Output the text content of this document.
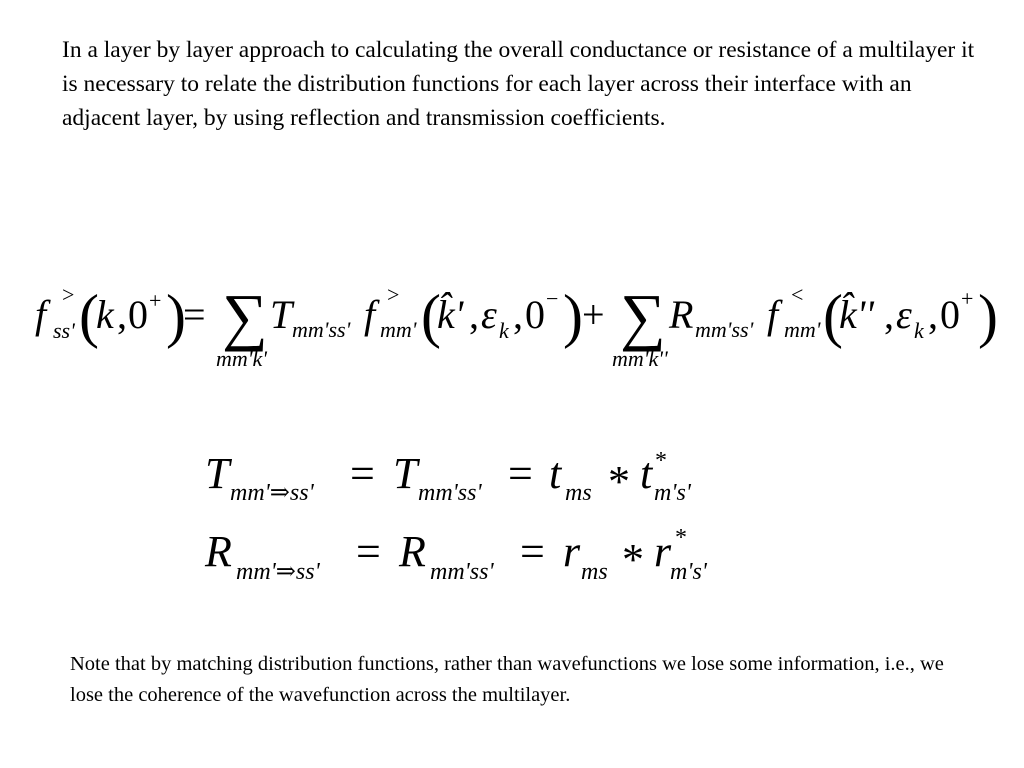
In a layer by layer approach to calculating the overall conductance or resistance of a multilayer it is necessary to relate the distribution functions for each layer across their interface with an adjacent layer, by using reflection and transmission coefficients.

f >
ss' (
k , 0 + )
= ∑
mm'k̂'
T mm'ss' f >
mm' (
k̂' , ε k , 0 − ) + ∑
mm'k̂''
R mm'ss' f <
mm' (
k̂'' , ε k , 0 + )
T mm'⇒ss' = T mm'ss' = t ms * t *
m's'
R mm'⇒ss' = R mm'ss' = r ms * r *
m's'

Note that by matching distribution functions, rather than wavefunctions we lose some information, i.e., we lose the coherence of the wavefunction across the multilayer.
